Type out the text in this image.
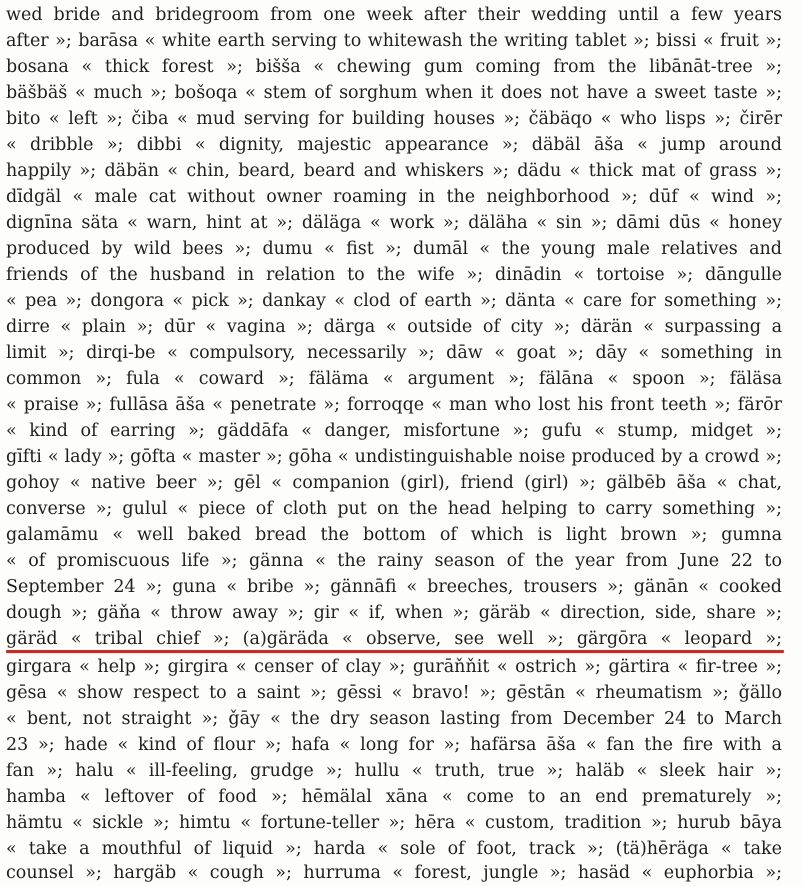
wed bride and bridegroom from one week after their wedding until a few years
after »; barāsa « white earth serving to whitewash the writing tablet »; bissi « fruit »;
bosana « thick forest »; bišša « chewing gum coming from the libānāt-tree »;
bäšbäš « much »; bošoqa « stem of sorghum when it does not have a sweet taste »;
bito « left »; čiba « mud serving for building houses »; čäbäqo « who lisps »; čirēr
« dribble »; dibbi « dignity, majestic appearance »; däbäl āša « jump around
happily »; däbän « chin, beard, beard and whiskers »; dädu « thick mat of grass »;
dīdgäl « male cat without owner roaming in the neighborhood »; dūf « wind »;
dignīna säta « warn, hint at »; däläga « work »; däläha « sin »; dāmi dūs « honey
produced by wild bees »; dumu « fist »; dumāl « the young male relatives and
friends of the husband in relation to the wife »; dinādin « tortoise »; dāngulle
« pea »; dongora « pick »; dankay « clod of earth »; dänta « care for something »;
dirre « plain »; dūr « vagina »; därga « outside of city »; därän « surpassing a
limit »; dirqi-be « compulsory, necessarily »; dāw « goat »; dāy « something in
common »; fula « coward »; fäläma « argument »; fälāna « spoon »; fäläsa
« praise »; fullāsa āša « penetrate »; forroqqe « man who lost his front teeth »; färōr
« kind of earring »; gäddāfa « danger, misfortune »; gufu « stump, midget »;
gīfti « lady »; gōfta « master »; gōha « undistinguishable noise produced by a crowd »;
gohoy « native beer »; gēl « companion (girl), friend (girl) »; gälbēb āša « chat,
converse »; gulul « piece of cloth put on the head helping to carry something »;
galamāmu « well baked bread the bottom of which is light brown »; gumna
« of promiscuous life »; gänna « the rainy season of the year from June 22 to
September 24 »; guna « bribe »; gännāfi « breeches, trousers »; gänān « cooked
dough »; gäňa « throw away »; gir « if, when »; gäräb « direction, side, share »;
gäräd « tribal chief »; (a)gäräda « observe, see well »; gärgōra « leopard »;
girgara « help »; girgira « censer of clay »; gurāňňit « ostrich »; gärtira « fir-tree »;
gēsa « show respect to a saint »; gēssi « bravo! »; gēstān « rheumatism »; ǧällo
« bent, not straight »; ǧāy « the dry season lasting from December 24 to March
23 »; hade « kind of flour »; hafa « long for »; hafärsa āša « fan the fire with a
fan »; halu « ill-feeling, grudge »; hullu « truth, true »; haläb « sleek hair »;
hamba « leftover of food »; hēmälal xāna « come to an end prematurely »;
hämtu « sickle »; himtu « fortune-teller »; hēra « custom, tradition »; hurub bāya
« take a mouthful of liquid »; harda « sole of foot, track »; (tä)hēräga « take
counsel »; hargäb « cough »; hurruma « forest, jungle »; hasäd « euphorbia »;
